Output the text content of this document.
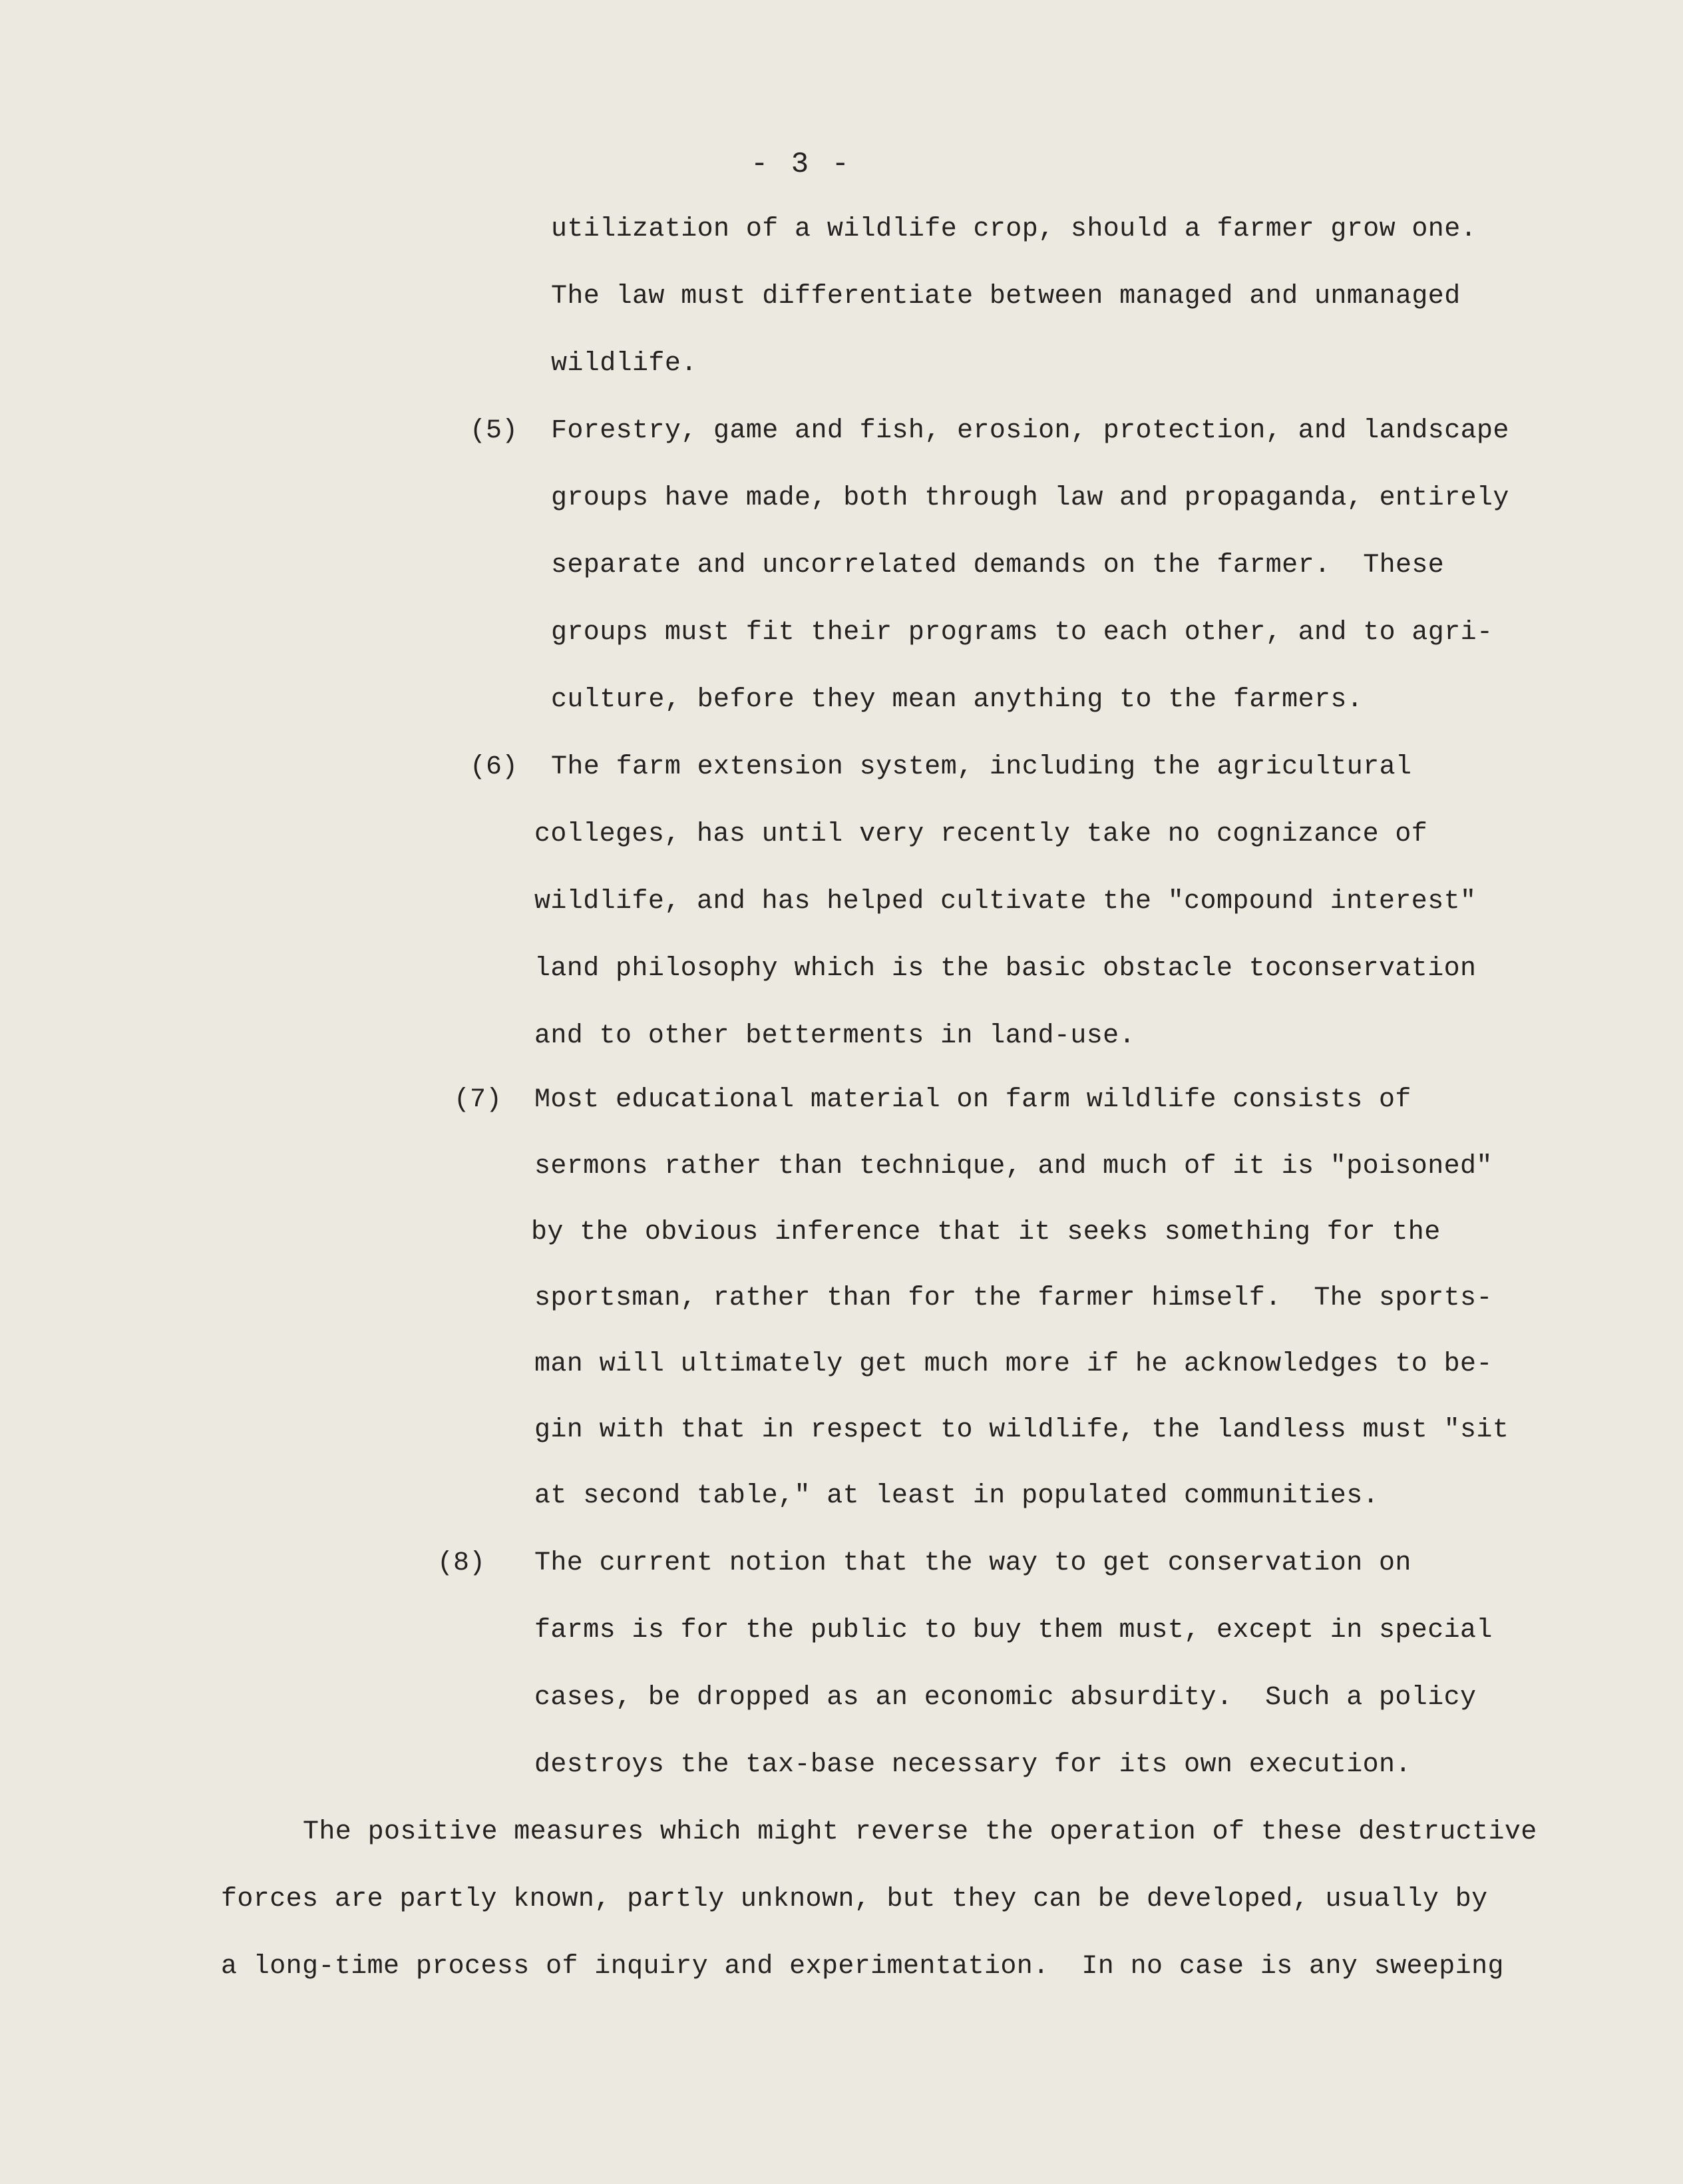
- 3 -
utilization of a wildlife crop, should a farmer grow one.
The law must differentiate between managed and unmanaged
wildlife.
(5) Forestry, game and fish, erosion, protection, and landscape
groups have made, both through law and propaganda, entirely
separate and uncorrelated demands on the farmer.  These
groups must fit their programs to each other, and to agri-
culture, before they mean anything to the farmers.
(6) The farm extension system, including the agricultural
colleges, has until very recently take no cognizance of
wildlife, and has helped cultivate the "compound interest"
land philosophy which is the basic obstacle toconservation
and to other betterments in land-use.
(7) Most educational material on farm wildlife consists of
sermons rather than technique, and much of it is "poisoned"
by the obvious inference that it seeks something for the
sportsman, rather than for the farmer himself.  The sports-
man will ultimately get much more if he acknowledges to be-
gin with that in respect to wildlife, the landless must "sit
at second table," at least in populated communities.
(8) The current notion that the way to get conservation on
farms is for the public to buy them must, except in special
cases, be dropped as an economic absurdity.  Such a policy
destroys the tax-base necessary for its own execution.
The positive measures which might reverse the operation of these destructive
forces are partly known, partly unknown, but they can be developed, usually by
a long-time process of inquiry and experimentation.  In no case is any sweeping
